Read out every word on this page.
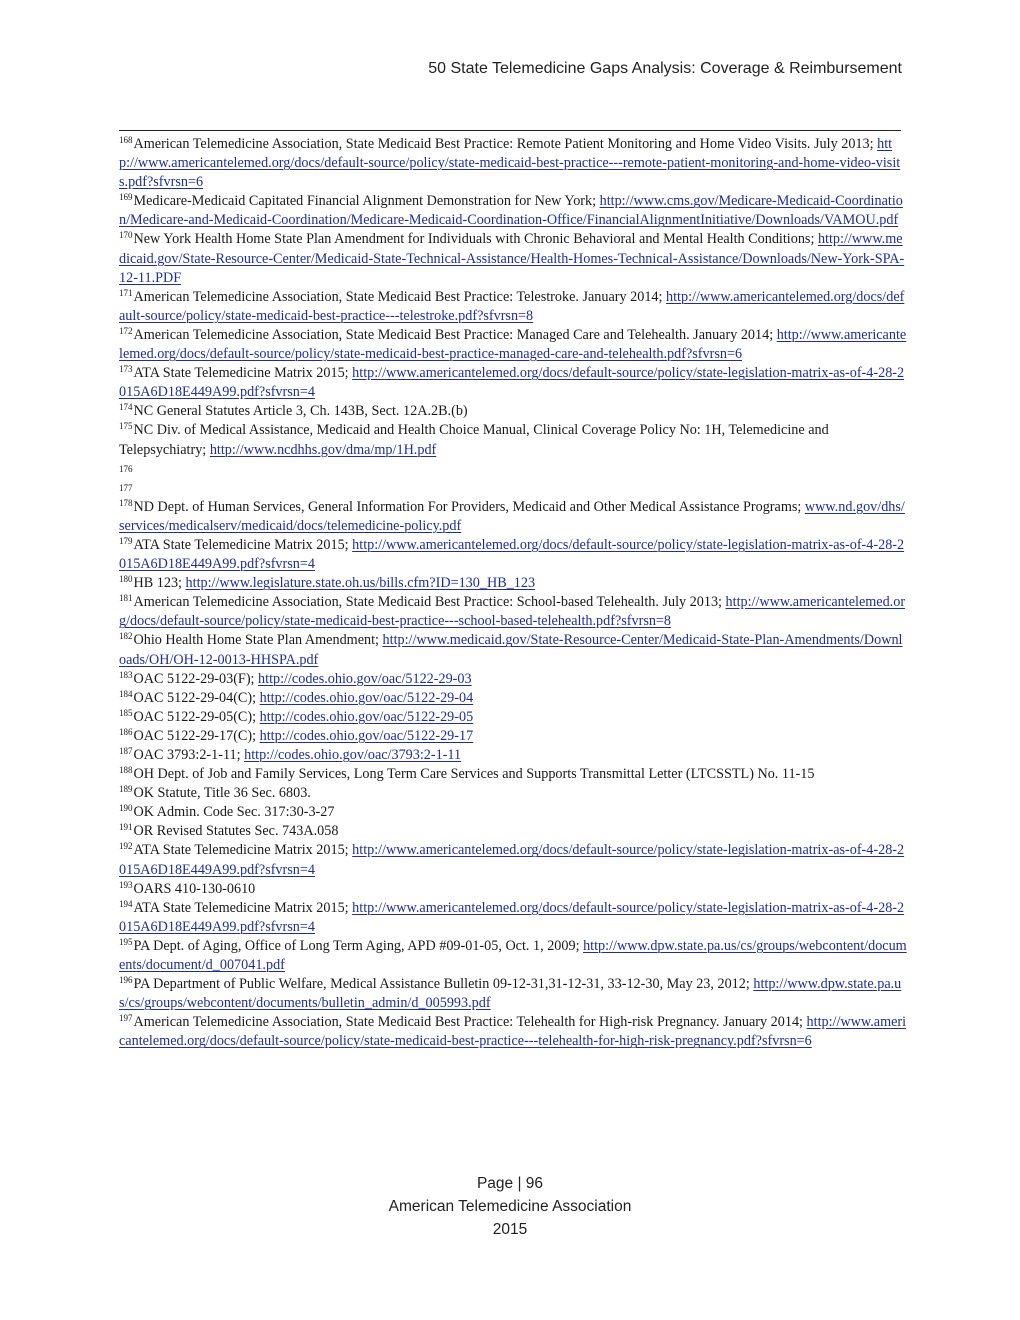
50 State Telemedicine Gaps Analysis: Coverage & Reimbursement

$^{168}$American Telemedicine Association, State Medicaid Best Practice: Remote Patient Monitoring and Home Video Visits. July 2013; http://www.americantelemed.org/docs/default-source/policy/state-medicaid-best-practice---remote-patient-monitoring-and-home-video-visits.pdf?sfvrsn=6

$^{169}$Medicare-Medicaid Capitated Financial Alignment Demonstration for New York; http://www.cms.gov/Medicare-Medicaid-Coordination/Medicare-and-Medicaid-Coordination/Medicare-Medicaid-Coordination-Office/FinancialAlignmentInitiative/Downloads/VAMOU.pdf

$^{170}$New York Health Home State Plan Amendment for Individuals with Chronic Behavioral and Mental Health Conditions; http://www.medicaid.gov/State-Resource-Center/Medicaid-State-Technical-Assistance/Health-Homes-Technical-Assistance/Downloads/New-York-SPA-12-11.PDF

$^{171}$American Telemedicine Association, State Medicaid Best Practice: Telestroke. January 2014; http://www.americantelemed.org/docs/default-source/policy/state-medicaid-best-practice---telestroke.pdf?sfvrsn=8

$^{172}$American Telemedicine Association, State Medicaid Best Practice: Managed Care and Telehealth. January 2014; http://www.americantelemed.org/docs/default-source/policy/state-medicaid-best-practice-managed-care-and-telehealth.pdf?sfvrsn=6

$^{173}$ATA State Telemedicine Matrix 2015; http://www.americantelemed.org/docs/default-source/policy/state-legislation-matrix-as-of-4-28-2015A6D18E449A99.pdf?sfvrsn=4

$^{174}$NC General Statutes Article 3, Ch. 143B, Sect. 12A.2B.(b)

$^{175}$NC Div. of Medical Assistance, Medicaid and Health Choice Manual, Clinical Coverage Policy No: 1H, Telemedicine and Telepsychiatry; http://www.ncdhhs.gov/dma/mp/1H.pdf

176

177

$^{178}$ND Dept. of Human Services, General Information For Providers, Medicaid and Other Medical Assistance Programs; www.nd.gov/dhs/services/medicalserv/medicaid/docs/telemedicine-policy.pdf

$^{179}$ATA State Telemedicine Matrix 2015; http://www.americantelemed.org/docs/default-source/policy/state-legislation-matrix-as-of-4-28-2015A6D18E449A99.pdf?sfvrsn=4

$^{180}$HB 123; http://www.legislature.state.oh.us/bills.cfm?ID=130_HB_123

$^{181}$American Telemedicine Association, State Medicaid Best Practice: School-based Telehealth. July 2013; http://www.americantelemed.org/docs/default-source/policy/state-medicaid-best-practice---school-based-telehealth.pdf?sfvrsn=8

$^{182}$Ohio Health Home State Plan Amendment; http://www.medicaid.gov/State-Resource-Center/Medicaid-State-Plan-Amendments/Downloads/OH/OH-12-0013-HHSPA.pdf

$^{183}$OAC 5122-29-03(F); http://codes.ohio.gov/oac/5122-29-03

$^{184}$OAC 5122-29-04(C); http://codes.ohio.gov/oac/5122-29-04

$^{185}$OAC 5122-29-05(C); http://codes.ohio.gov/oac/5122-29-05

$^{186}$OAC 5122-29-17(C); http://codes.ohio.gov/oac/5122-29-17

$^{187}$OAC 3793:2-1-11; http://codes.ohio.gov/oac/3793:2-1-11

$^{188}$OH Dept. of Job and Family Services, Long Term Care Services and Supports Transmittal Letter (LTCSSTL) No. 11-15

$^{189}$OK Statute, Title 36 Sec. 6803.

$^{190}$OK Admin. Code Sec. 317:30-3-27

$^{191}$OR Revised Statutes Sec. 743A.058

$^{192}$ATA State Telemedicine Matrix 2015; http://www.americantelemed.org/docs/default-source/policy/state-legislation-matrix-as-of-4-28-2015A6D18E449A99.pdf?sfvrsn=4

$^{193}$OARS 410-130-0610

$^{194}$ATA State Telemedicine Matrix 2015; http://www.americantelemed.org/docs/default-source/policy/state-legislation-matrix-as-of-4-28-2015A6D18E449A99.pdf?sfvrsn=4

$^{195}$PA Dept. of Aging, Office of Long Term Aging, APD #09-01-05, Oct. 1, 2009; http://www.dpw.state.pa.us/cs/groups/webcontent/documents/document/d_007041.pdf

$^{196}$PA Department of Public Welfare, Medical Assistance Bulletin 09-12-31,31-12-31, 33-12-30, May 23, 2012; http://www.dpw.state.pa.us/cs/groups/webcontent/documents/bulletin_admin/d_005993.pdf

$^{197}$American Telemedicine Association, State Medicaid Best Practice: Telehealth for High-risk Pregnancy. January 2014; http://www.americantelemed.org/docs/default-source/policy/state-medicaid-best-practice---telehealth-for-high-risk-pregnancy.pdf?sfvrsn=6

Page | 96
American Telemedicine Association
2015
